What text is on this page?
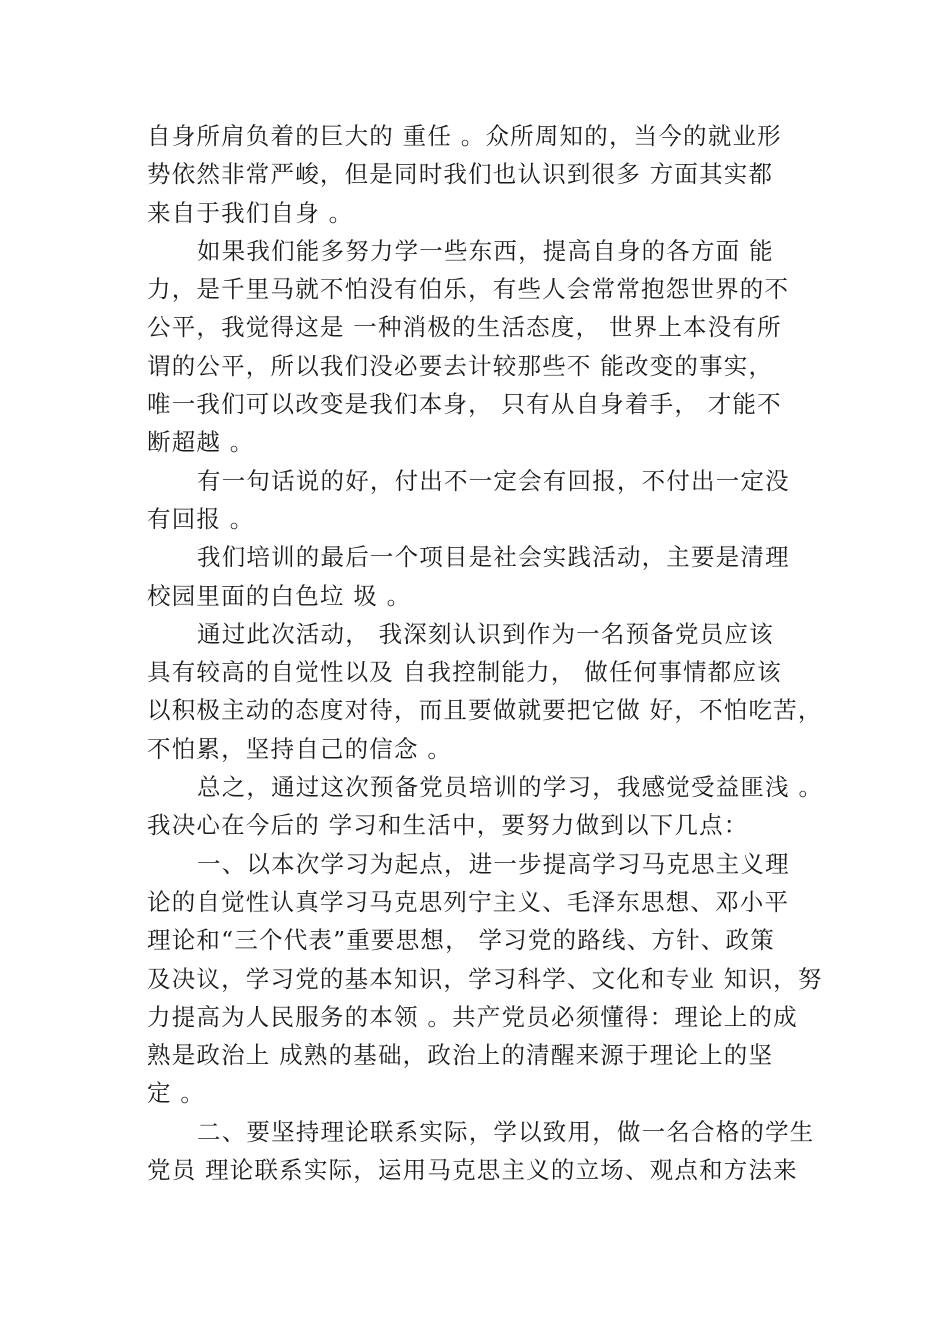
自身所肩负着的巨大的 重任 。众所周知的，当今的就业形
势依然非常严峻，但是同时我们也认识到很多 方面其实都
来自于我们自身 。
如果我们能多努力学一些东西，提高自身的各方面 能
力，是千里马就不怕没有伯乐，有些人会常常抱怨世界的不
公平，我觉得这是 一种消极的生活态度， 世界上本没有所
谓的公平，所以我们没必要去计较那些不 能改变的事实，
唯一我们可以改变是我们本身， 只有从自身着手， 才能不
断超越 。
有一句话说的好，付出不一定会有回报，不付出一定没
有回报 。
我们培训的最后一个项目是社会实践活动，主要是清理
校园里面的白色垃 圾 。
通过此次活动， 我深刻认识到作为一名预备党员应该
具有较高的自觉性以及 自我控制能力， 做任何事情都应该
以积极主动的态度对待，而且要做就要把它做 好，不怕吃苦，
不怕累，坚持自己的信念 。
总之，通过这次预备党员培训的学习，我感觉受益匪浅 。
我决心在今后的 学习和生活中，要努力做到以下几点：
一、以本次学习为起点，进一步提高学习马克思主义理
论的自觉性认真学习马克思列宁主义、毛泽东思想、邓小平
理论和“三个代表”重要思想， 学习党的路线、方针、政策
及决议，学习党的基本知识，学习科学、文化和专业 知识，努
力提高为人民服务的本领 。共产党员必须懂得：理论上的成
熟是政治上 成熟的基础，政治上的清醒来源于理论上的坚
定 。
二、要坚持理论联系实际，学以致用，做一名合格的学生
党员 理论联系实际，运用马克思主义的立场、观点和方法来
